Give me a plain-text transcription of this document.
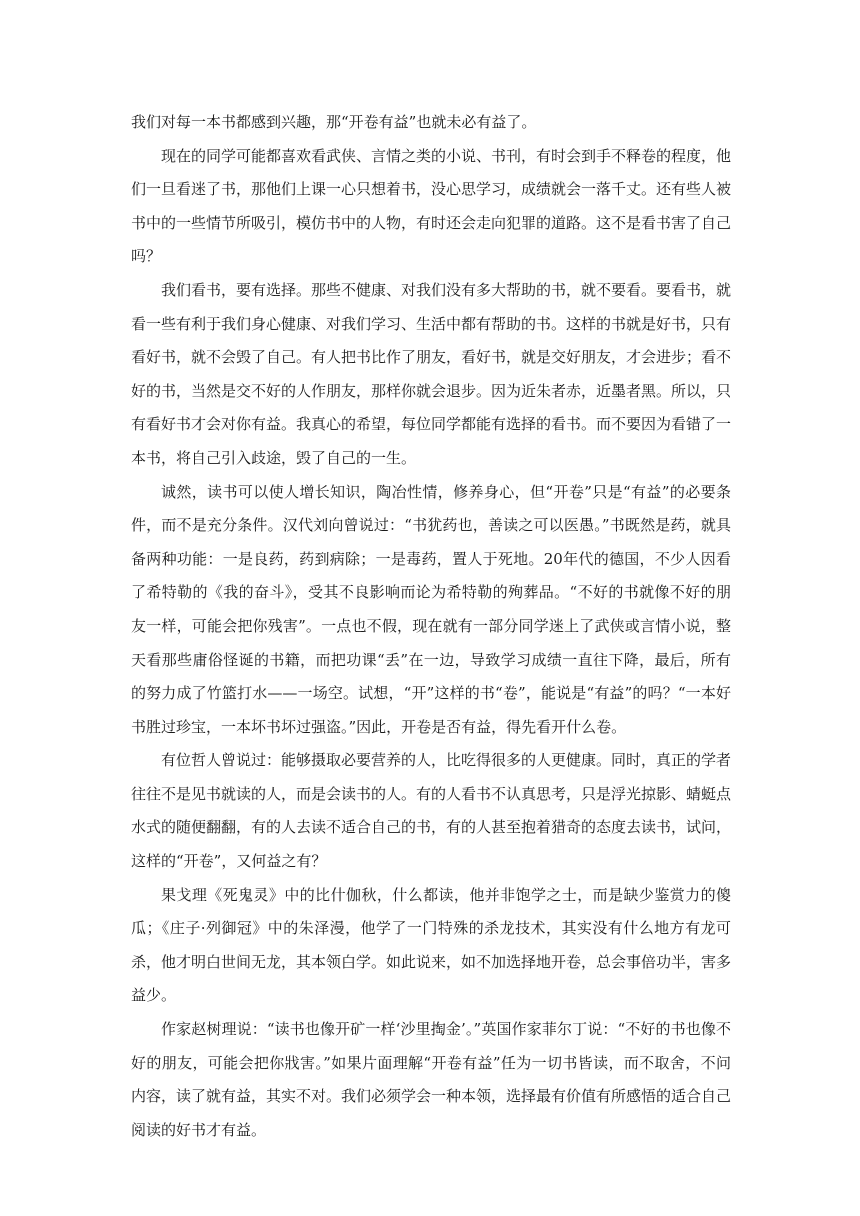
我们对每一本书都感到兴趣，那“开卷有益”也就未必有益了。

现在的同学可能都喜欢看武侠、言情之类的小说、书刊，有时会到手不释卷的程度，他们一旦看迷了书，那他们上课一心只想着书，没心思学习，成绩就会一落千丈。还有些人被书中的一些情节所吸引，模仿书中的人物，有时还会走向犯罪的道路。这不是看书害了自己吗？

我们看书，要有选择。那些不健康、对我们没有多大帮助的书，就不要看。要看书，就看一些有利于我们身心健康、对我们学习、生活中都有帮助的书。这样的书就是好书，只有看好书，就不会毁了自己。有人把书比作了朋友，看好书，就是交好朋友，才会进步；看不好的书，当然是交不好的人作朋友，那样你就会退步。因为近朱者赤，近墨者黑。所以，只有看好书才会对你有益。我真心的希望，每位同学都能有选择的看书。而不要因为看错了一本书，将自己引入歧途，毁了自己的一生。

诚然，读书可以使人增长知识，陶冶性情，修养身心，但“开卷”只是“有益”的必要条件，而不是充分条件。汉代刘向曾说过：“书犹药也，善读之可以医愚。”书既然是药，就具备两种功能：一是良药，药到病除；一是毒药，置人于死地。20年代的德国，不少人因看了希特勒的《我的奋斗》，受其不良影响而论为希特勒的殉葬品。“不好的书就像不好的朋友一样，可能会把你残害”。一点也不假，现在就有一部分同学迷上了武侠或言情小说，整天看那些庸俗怪诞的书籍，而把功课“丢”在一边，导致学习成绩一直往下降，最后，所有的努力成了竹篮打水——一场空。试想，“开”这样的书“卷”，能说是“有益”的吗？“一本好书胜过珍宝，一本坏书坏过强盗。”因此，开卷是否有益，得先看开什么卷。

有位哲人曾说过：能够摄取必要营养的人，比吃得很多的人更健康。同时，真正的学者往往不是见书就读的人，而是会读书的人。有的人看书不认真思考，只是浮光掠影、蜻蜓点水式的随便翻翻，有的人去读不适合自己的书，有的人甚至抱着猎奇的态度去读书，试问，这样的“开卷”，又何益之有？

果戈理《死鬼灵》中的比什伽秋，什么都读，他并非饱学之士，而是缺少鉴赏力的傻瓜；《庄子·列御冠》中的朱泽漫，他学了一门特殊的杀龙技术，其实没有什么地方有龙可杀，他才明白世间无龙，其本领白学。如此说来，如不加选择地开卷，总会事倍功半，害多益少。

作家赵树理说：“读书也像开矿一样‘沙里掏金’。”英国作家菲尔丁说：“不好的书也像不好的朋友，可能会把你戕害。”如果片面理解“开卷有益”任为一切书皆读，而不取舍，不问内容，读了就有益，其实不对。我们必须学会一种本领，选择最有价值有所感悟的适合自己阅读的好书才有益。
